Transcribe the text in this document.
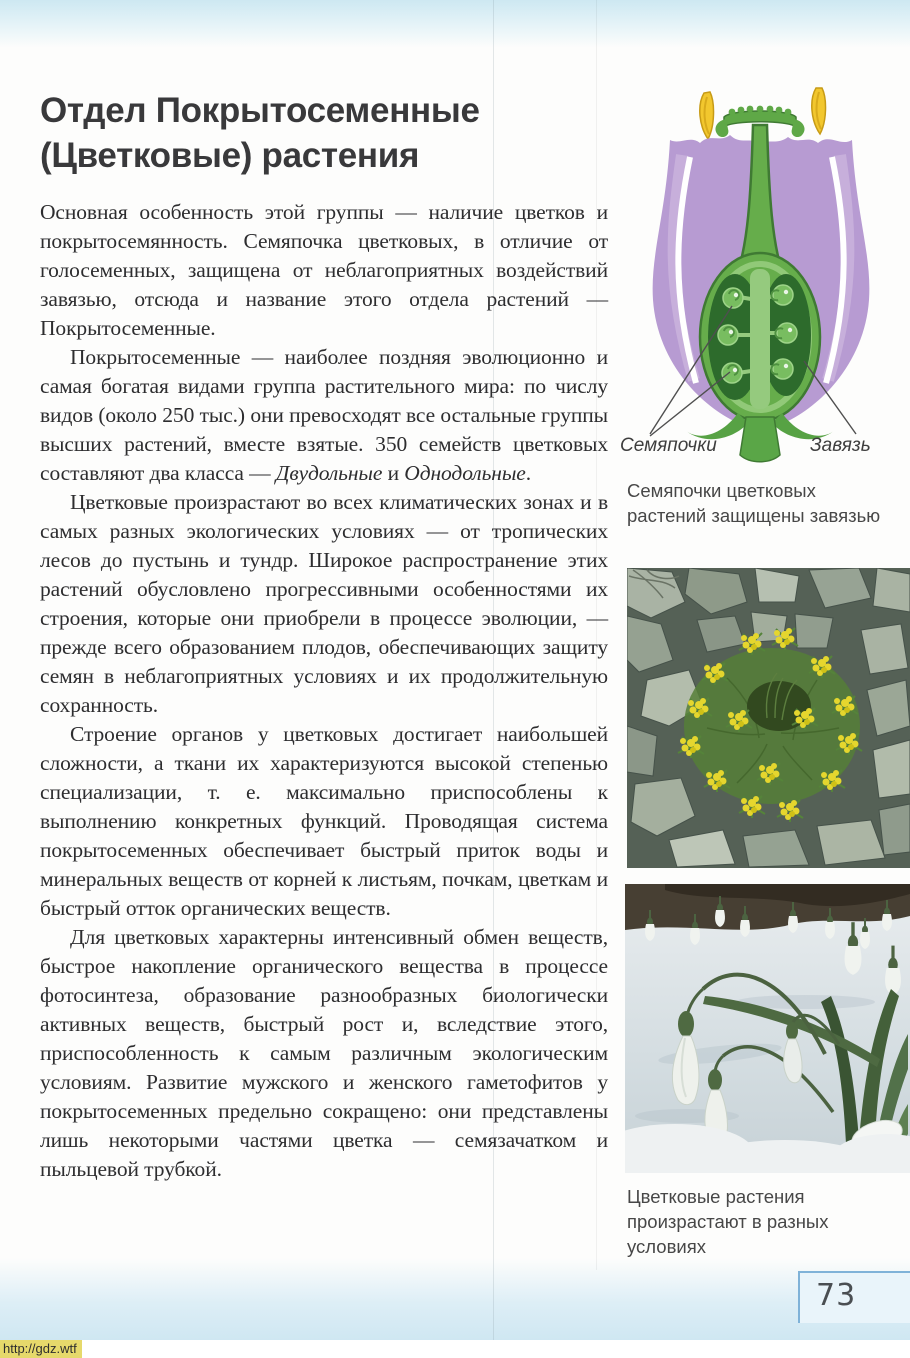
Отдел Покрытосеменные
(Цветковые) растения

Основная особенность этой группы — наличие цветков и покрытосемянность. Семяпочка цветковых, в отличие от голосеменных, защищена от неблагоприятных воздействий завязью, отсюда и название этого отдела растений — Покрытосеменные.

Покрытосеменные — наиболее поздняя эволюционно и самая богатая видами группа растительного мира: по числу видов (около 250 тыс.) они превосходят все остальные группы высших растений, вместе взятые. 350 семейств цветковых составляют два класса — Двудольные и Однодольные.

Цветковые произрастают во всех климатических зонах и в самых разных экологических условиях — от тропических лесов до пустынь и тундр. Широкое распространение этих растений обусловлено прогрессивными особенностями их строения, которые они приобрели в процессе эволюции, — прежде всего образованием плодов, обеспечивающих защиту семян в неблагоприятных условиях и их продолжительную сохранность.

Строение органов у цветковых достигает наибольшей сложности, а ткани их характеризуются высокой степенью специализации, т. е. максимально приспособлены к выполнению конкретных функций. Проводящая система покрытосеменных обеспечивает быстрый приток воды и минеральных веществ от корней к листьям, почкам, цветкам и быстрый отток органических веществ.

Для цветковых характерны интенсивный обмен веществ, быстрое накопление органического вещества в процессе фотосинтеза, образование разнообразных биологически активных веществ, быстрый рост и, вследствие этого, приспособленность к самым различным экологическим условиям. Развитие мужского и женского гаметофитов у покрытосеменных предельно сокращено: они представлены лишь некоторыми частями цветка — семязачатком и пыльцевой трубкой.

Семяпочки	Завязь
Семяпочки цветковых растений защищены завязью
Цветковые растения произрастают в разных условиях
73
http://gdz.wtf
